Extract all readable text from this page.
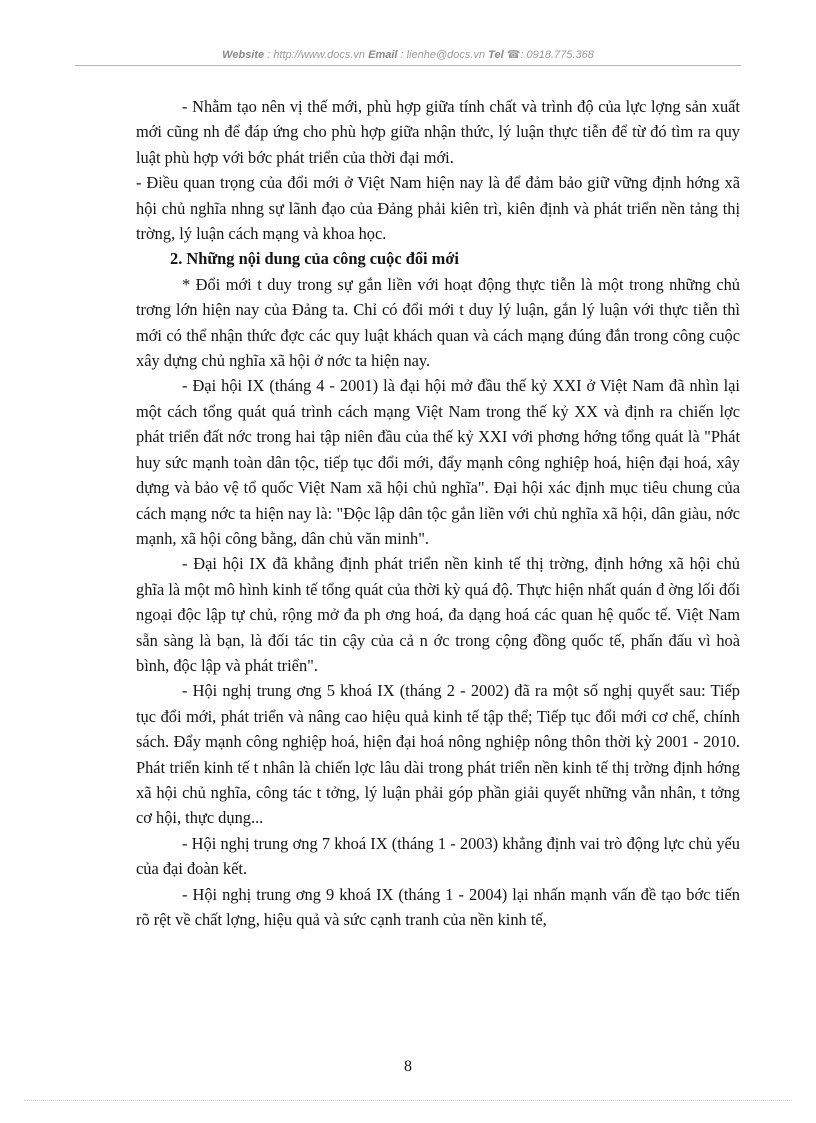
Website : http://www.docs.vn Email : lienhe@docs.vn Tel ☎: 0918.775.368

- Nhằm tạo nên vị thế mới, phù hợp giữa tính chất và trình độ của lực lợng sản xuất mới cũng nh để đáp ứng cho phù hợp giữa nhận thức, lý luận thực tiễn để từ đó tìm ra quy luật phù hợp với bớc phát triển của thời đại mới.

- Điều quan trọng của đổi mới ở Việt Nam hiện nay là để đảm bảo giữ vững định hớng xã hội chủ nghĩa nhng sự lãnh đạo của Đảng phải kiên trì, kiên định và phát triển nền tảng thị trờng, lý luận cách mạng và khoa học.

2. Những nội dung của công cuộc đổi mới

* Đổi mới t duy trong sự gắn liền với hoạt động thực tiễn là một trong những chủ trơng lớn hiện nay của Đảng ta. Chỉ có đổi mới t duy lý luận, gắn lý luận với thực tiễn thì mới có thể nhận thức đợc các quy luật khách quan và cách mạng đúng đắn trong công cuộc xây dựng chủ nghĩa xã hội ở nớc ta hiện nay.

- Đại hội IX (tháng 4 - 2001) là đại hội mở đầu thế kỷ XXI ở Việt Nam đã nhìn lại một cách tổng quát quá trình cách mạng Việt Nam trong thế kỷ XX và định ra chiến lợc phát triển đất nớc trong hai tập niên đầu của thế kỷ XXI với phơng hớng tổng quát là "Phát huy sức mạnh toàn dân tộc, tiếp tục đổi mới, đẩy mạnh công nghiệp hoá, hiện đại hoá, xây dựng và bảo vệ tổ quốc Việt Nam xã hội chủ nghĩa". Đại hội xác định mục tiêu chung của cách mạng nớc ta hiện nay là: "Độc lập dân tộc gắn liền với chủ nghĩa xã hội, dân giàu, nớc mạnh, xã hội công bằng, dân chủ văn minh".

- Đại hội IX đã khẳng định phát triển nền kinh tế thị trờng, định hớng xã hội chủ ghĩa là một mô hình kinh tế tổng quát của thời kỳ quá độ. Thực hiện nhất quán đ ờng lối đối ngoại độc lập tự chủ, rộng mở đa ph ơng hoá, đa dạng hoá các quan hệ quốc tế. Việt Nam sẵn sàng là bạn, là đối tác tin cậy của cả n ớc trong cộng đồng quốc tế, phấn đấu vì hoà bình, độc lập và phát triển".

- Hội nghị trung ơng 5 khoá IX (tháng 2 - 2002) đã ra một số nghị quyết sau: Tiếp tục đổi mới, phát triển và nâng cao hiệu quả kinh tế tập thể; Tiếp tục đổi mới cơ chế, chính sách. Đẩy mạnh công nghiệp hoá, hiện đại hoá nông nghiệp nông thôn thời kỳ 2001 - 2010. Phát triển kinh tế t nhân là chiến lợc lâu dài trong phát triển nền kinh tế thị trờng định hớng xã hội chủ nghĩa, công tác t tởng, lý luận phải góp phần giải quyết những vẫn nhân, t tởng cơ hội, thực dụng...

- Hội nghị trung ơng 7 khoá IX (tháng 1 - 2003) khẳng định vai trò động lực chủ yếu của đại đoàn kết.

- Hội nghị trung ơng 9 khoá IX (tháng 1 - 2004) lại nhấn mạnh vấn đề tạo bớc tiến rõ rệt về chất lợng, hiệu quả và sức cạnh tranh của nền kinh tế,

8
